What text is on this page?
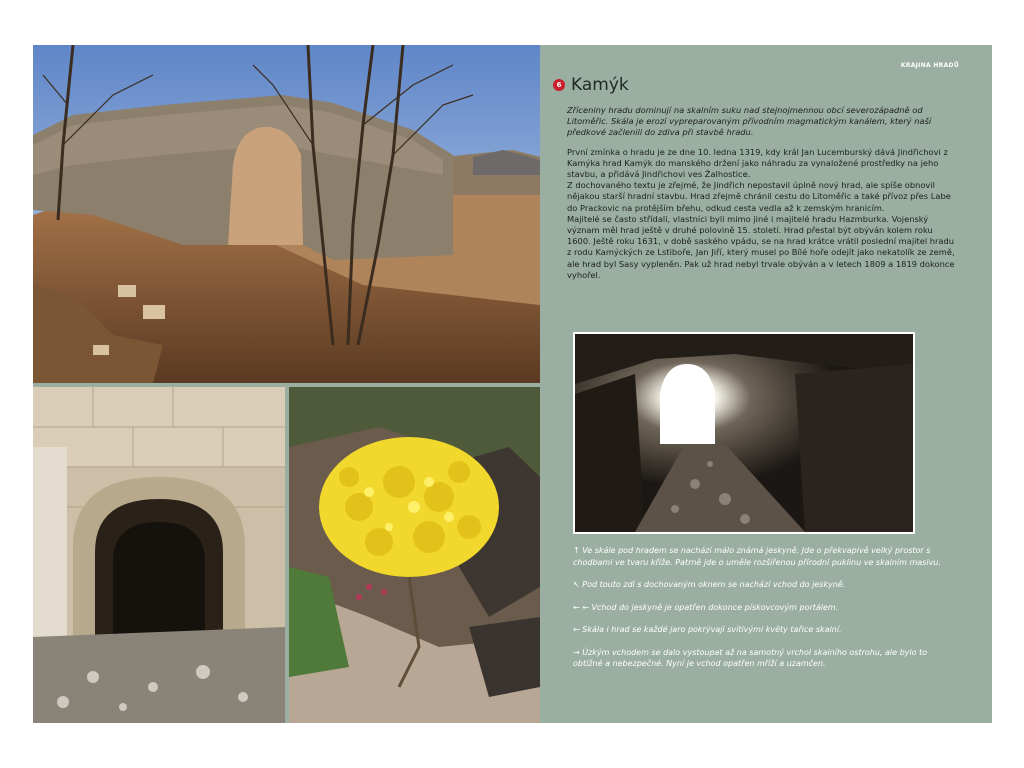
KRAJINA HRADŮ
6 Kamýk

Zříceniny hradu dominují na skalním suku nad stejnojmennou obcí severozápadně od Litoměřic. Skála je erozí vypreparovaným přívodním magmatickým kanálem, který naší předkové začlenili do zdiva při stavbě hradu.

První zmínka o hradu je ze dne 10. ledna 1319, kdy král Jan Lucemburský dává Jindřichovi z Kamýka hrad Kamýk do manského držení jako náhradu za vynaložené prostředky na jeho stavbu, a přidává Jindřichovi ves Žalhostice.
Z dochovaného textu je zřejmé, že Jindřich nepostavil úplně nový hrad, ale spíše obnovil nějakou starší hradní stavbu. Hrad zřejmě chránil cestu do Litoměřic a také přívoz přes Labe do Prackovic na protějším břehu, odkud cesta vedla až k zemským hranicím.
Majitelé se často střídali, vlastníci byli mimo jiné i majitelé hradu Hazmburka. Vojenský význam měl hrad ještě v druhé polovině 15. století. Hrad přestal být obýván kolem roku 1600. Ještě roku 1631, v době saského vpádu, se na hrad krátce vrátil poslední majitel hradu z rodu Kamýckých ze Lstiboře, Jan Jiří, který musel po Bílé hoře odejít jako nekatolík ze země, ale hrad byl Sasy vypleněn. Pak už hrad nebyl trvale obýván a v letech 1809 a 1819 dokonce vyhořel.

↑ Ve skále pod hradem se nachází málo známá jeskyně. Jde o překvapivě velký prostor s chodbami ve tvaru kříže. Patrně jde o uměle rozšířenou přírodní puklinu ve skalním masivu.

↖ Pod touto zdí s dochovaným oknem se nachází vchod do jeskyně.

← ← Vchod do jeskyně je opatřen dokonce pískovcovým portálem.

← Skála i hrad se každé jaro pokrývají svítivými květy tařice skalní.

→ Úzkým vchodem se dalo vystoupat až na samotný vrchol skalního ostrohu, ale bylo to obtížné a nebezpečné. Nyní je vchod opatřen mříží a uzamčen.
